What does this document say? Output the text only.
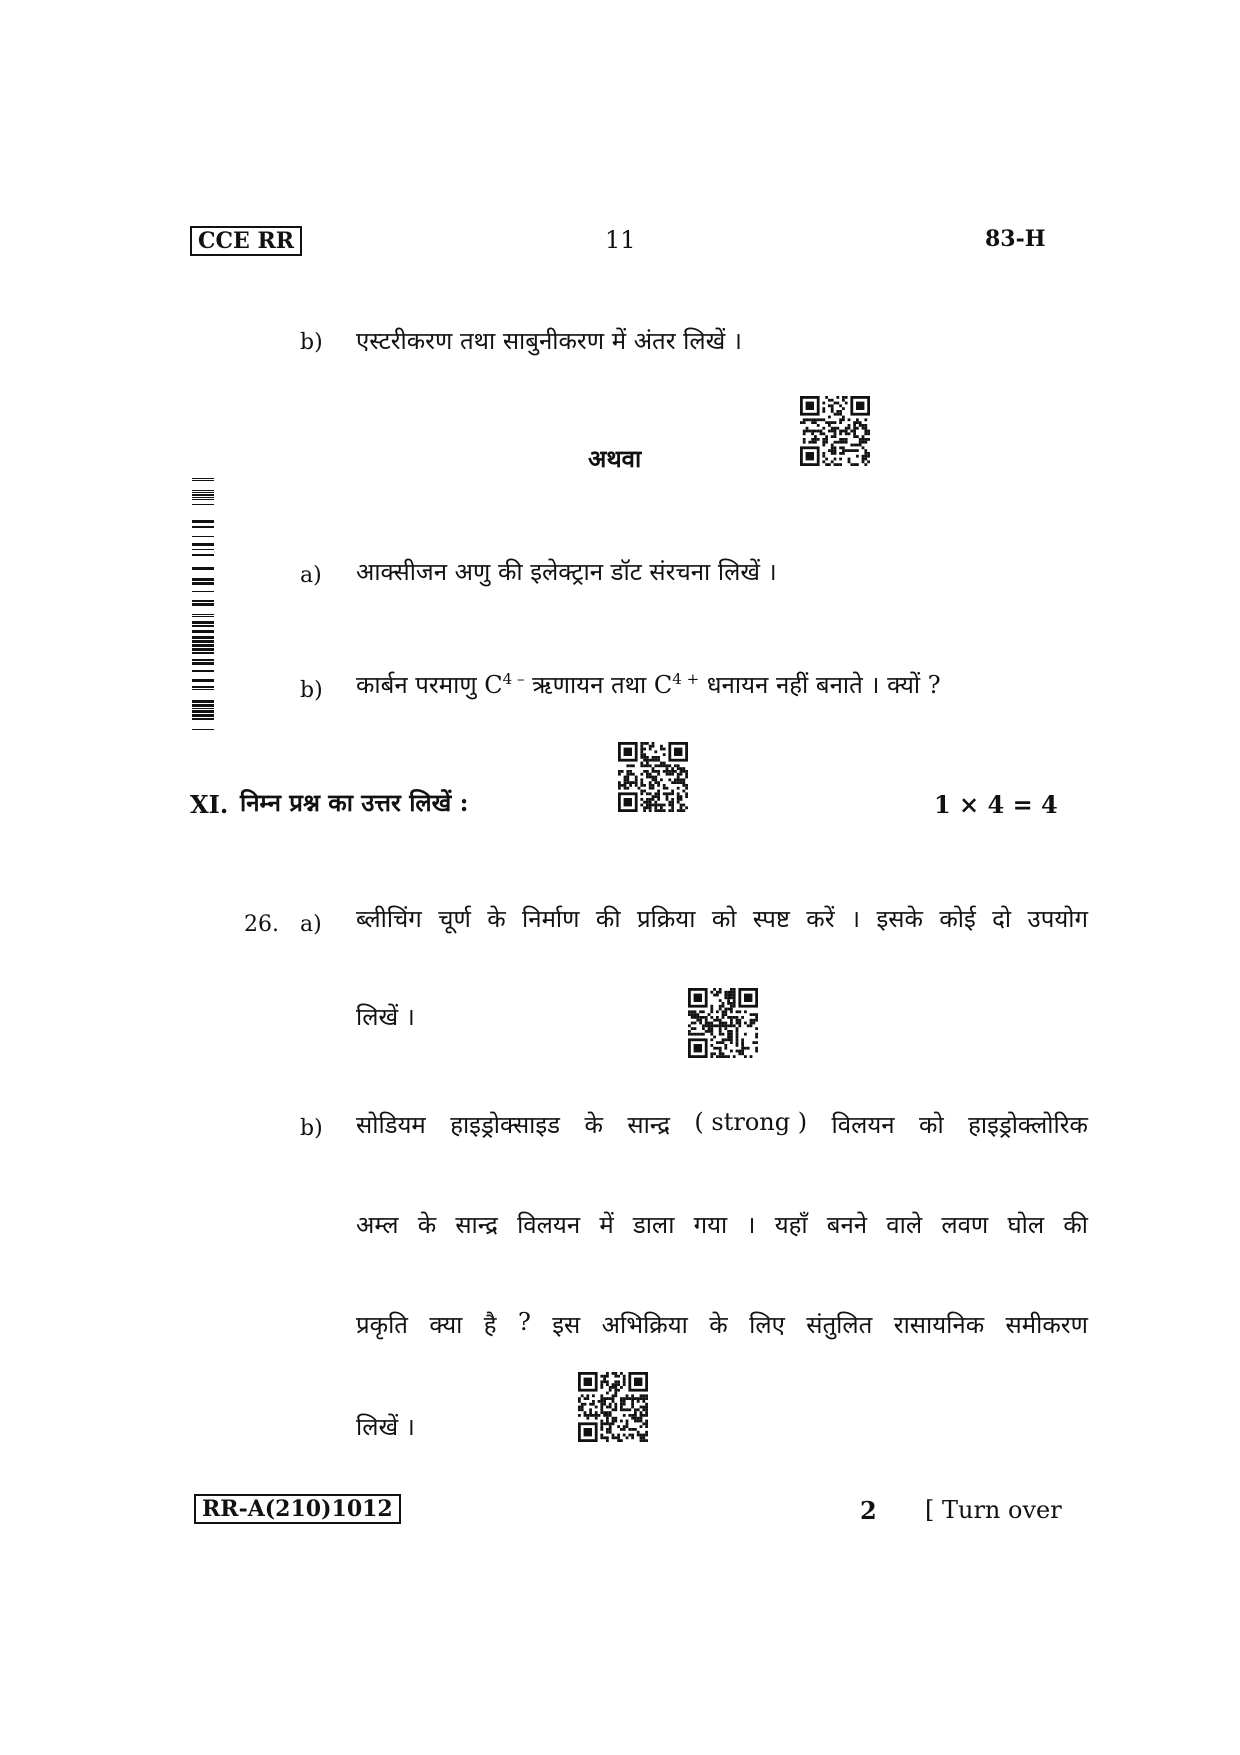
CCE RR	11	83-H
b) एस्टरीकरण तथा साबुनीकरण में अंतर लिखें ।
अथवा
a) आक्सीजन अणु की इलेक्ट्रान डॉट संरचना लिखें ।
b) कार्बन परमाणु $C^{4 -}$ ऋणायन तथा $C^{4 +}$ धनायन नहीं बनाते । क्यों ?
XI. निम्न प्रश्न का उत्तर लिखें :	1 × 4 = 4
26. a) ब्लीचिंग चूर्ण के निर्माण की प्रक्रिया को स्पष्ट करें । इसके कोई दो उपयोग
लिखें ।
b) सोडियम हाइड्रोक्साइड के सान्द्र ( strong ) विलयन को हाइड्रोक्लोरिक
अम्ल के सान्द्र विलयन में डाला गया । यहाँ बनने वाले लवण घोल की
प्रकृति क्या है ? इस अभिक्रिया के लिए संतुलित रासायनिक समीकरण
लिखें ।
RR-A(210)1012	2 [ Turn over
